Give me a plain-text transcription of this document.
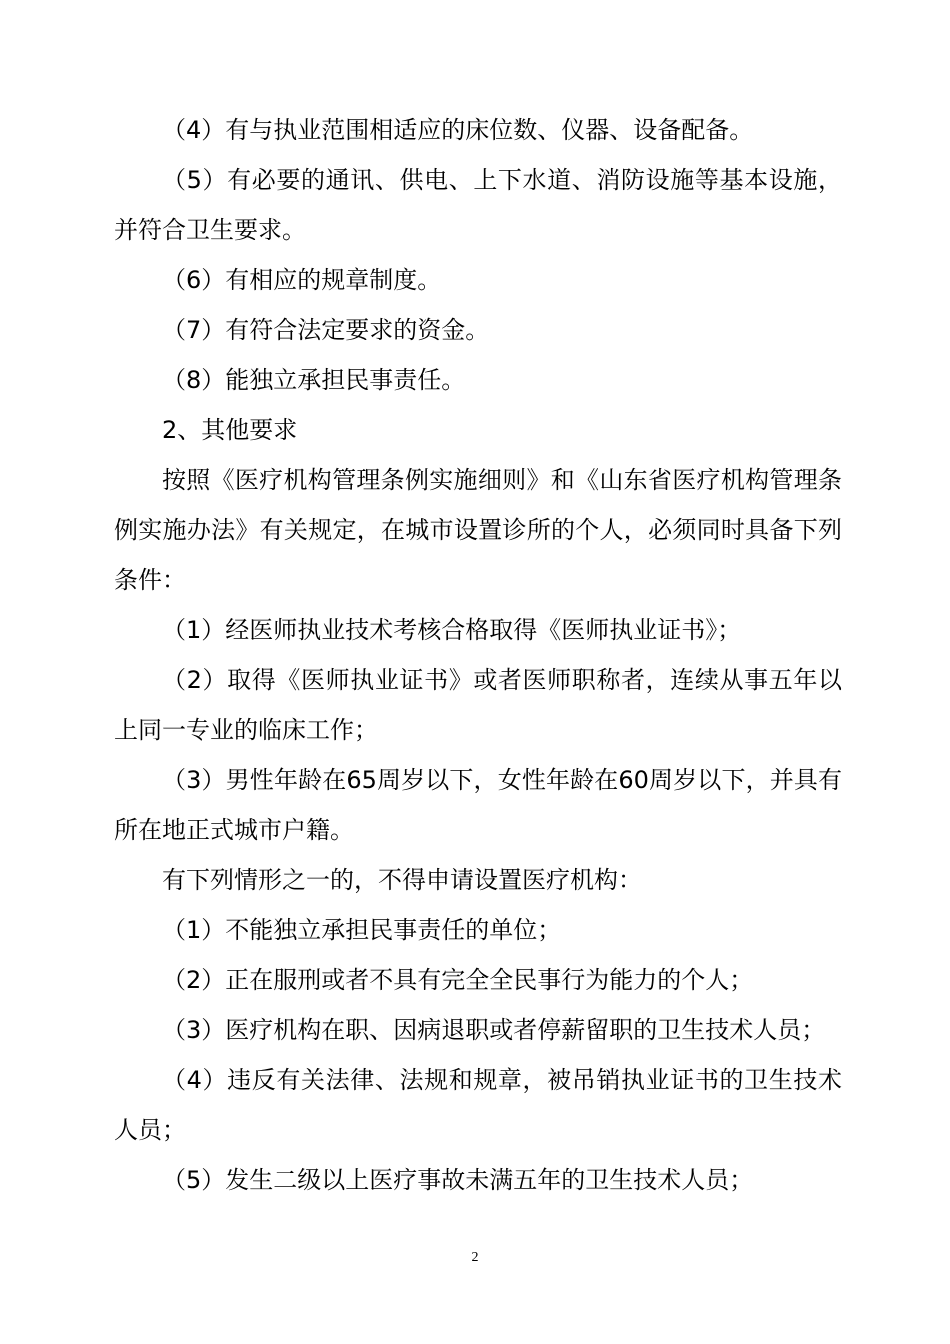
（4）有与执业范围相适应的床位数、仪器、设备配备。

（5）有必要的通讯、供电、上下水道、消防设施等基本设施，并符合卫生要求。

（6）有相应的规章制度。

（7）有符合法定要求的资金。

（8）能独立承担民事责任。

2、其他要求

按照《医疗机构管理条例实施细则》和《山东省医疗机构管理条例实施办法》有关规定，在城市设置诊所的个人，必须同时具备下列条件：

（1）经医师执业技术考核合格取得《医师执业证书》；

（2）取得《医师执业证书》或者医师职称者，连续从事五年以上同一专业的临床工作；

（3）男性年龄在65周岁以下，女性年龄在60周岁以下，并具有所在地正式城市户籍。

有下列情形之一的，不得申请设置医疗机构：

（1）不能独立承担民事责任的单位；

（2）正在服刑或者不具有完全全民事行为能力的个人；

（3）医疗机构在职、因病退职或者停薪留职的卫生技术人员；

（4）违反有关法律、法规和规章，被吊销执业证书的卫生技术人员；

（5）发生二级以上医疗事故未满五年的卫生技术人员；

2
